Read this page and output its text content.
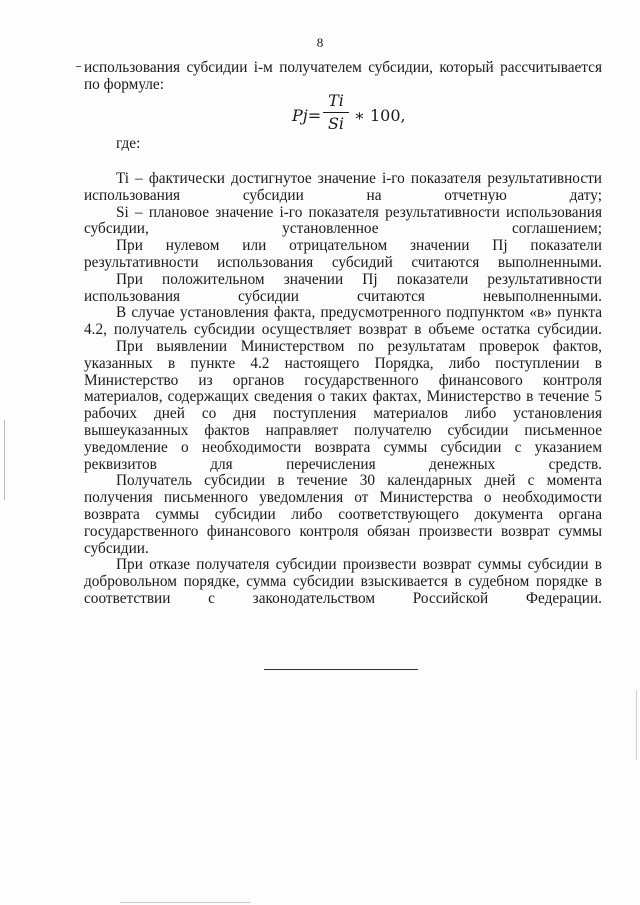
8

использования субсидии i-м получателем субсидии, который рассчитывается

по формуле:

Pj=
Ti
Si ∗ 100,
где:

Ti – фактически достигнутое значение i-го показателя результативности использования субсидии на отчетную дату;

Si – плановое значение i-го показателя результативности использования субсидии, установленное соглашением;

При нулевом или отрицательном значении Пj показатели результативности использования субсидий считаются выполненными.

При положительном значении Пj показатели результативности использования субсидии считаются невыполненными.

В случае установления факта, предусмотренного подпунктом «в» пункта 4.2, получатель субсидии осуществляет возврат в объеме остатка субсидии.

При выявлении Министерством по результатам проверок фактов, указанных в пункте 4.2 настоящего Порядка, либо поступлении в Министерство из органов государственного финансового контроля материалов, содержащих сведения о таких фактах, Министерство в течение 5 рабочих дней со дня поступления материалов либо установления вышеуказанных фактов направляет получателю субсидии письменное уведомление о необходимости возврата суммы субсидии с указанием реквизитов для перечисления денежных средств.

Получатель субсидии в течение 30 календарных дней с момента получения письменного уведомления от Министерства о необходимости возврата суммы субсидии либо соответствующего документа органа государственного финансового контроля обязан произвести возврат суммы субсидии.

При отказе получателя субсидии произвести возврат суммы субсидии в добровольном порядке, сумма субсидии взыскивается в судебном порядке в соответствии с законодательством Российской Федерации.
